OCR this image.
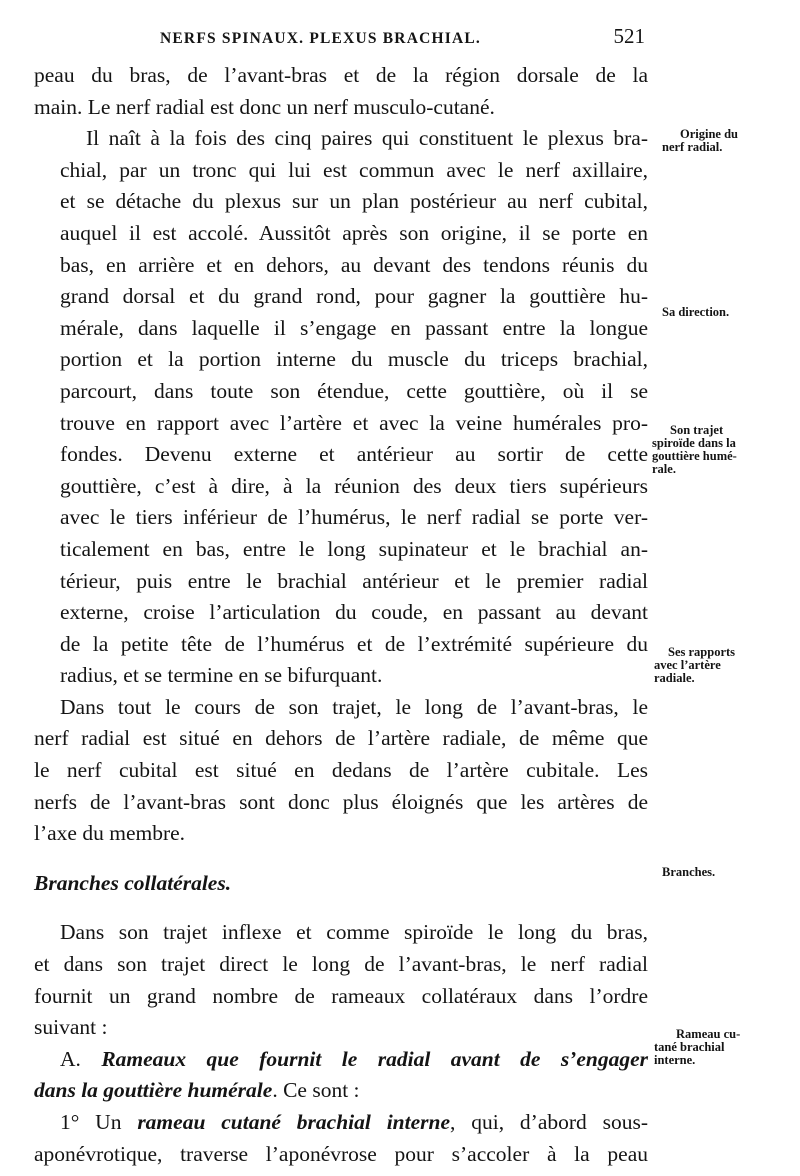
NERFS SPINAUX. PLEXUS BRACHIAL.	521

peau du bras, de l’avant-bras et de la région dorsale de la
main. Le nerf radial est donc un nerf musculo-cutané.

Il naît à la fois des cinq paires qui constituent le plexus bra-
chial, par un tronc qui lui est commun avec le nerf axillaire,
et se détache du plexus sur un plan postérieur au nerf cubital,
auquel il est accolé. Aussitôt après son origine, il se porte en
bas, en arrière et en dehors, au devant des tendons réunis du
grand dorsal et du grand rond, pour gagner la gouttière hu-
mérale, dans laquelle il s’engage en passant entre la longue
portion et la portion interne du muscle du triceps brachial,
parcourt, dans toute son étendue, cette gouttière, où il se
trouve en rapport avec l’artère et avec la veine humérales pro-
fondes. Devenu externe et antérieur au sortir de cette
gouttière, c’est à dire, à la réunion des deux tiers supérieurs
avec le tiers inférieur de l’humérus, le nerf radial se porte ver-
ticalement en bas, entre le long supinateur et le brachial an-
térieur, puis entre le brachial antérieur et le premier radial
externe, croise l’articulation du coude, en passant au devant
de la petite tête de l’humérus et de l’extrémité supérieure du
radius, et se termine en se bifurquant.

Dans tout le cours de son trajet, le long de l’avant-bras, le
nerf radial est situé en dehors de l’artère radiale, de même que
le nerf cubital est situé en dedans de l’artère cubitale. Les
nerfs de l’avant-bras sont donc plus éloignés que les artères de
l’axe du membre.

Branches collatérales.

Dans son trajet inflexe et comme spiroïde le long du bras,
et dans son trajet direct le long de l’avant-bras, le nerf radial
fournit un grand nombre de rameaux collatéraux dans l’ordre
suivant :

A. Rameaux que fournit le radial avant de s’engager
dans la gouttière humérale. Ce sont :

1° Un rameau cutané brachial interne, qui, d’abord sous-
aponévrotique, traverse l’aponévrose pour s’accoler à la peau

Origine du
nerf radial.
Sa direction.
Son trajet
spiroïde dans la
gouttière humé-
rale.
Ses rapports
avec l’artère
radiale.
Branches.
Rameau cu-
tané brachial
interne.
